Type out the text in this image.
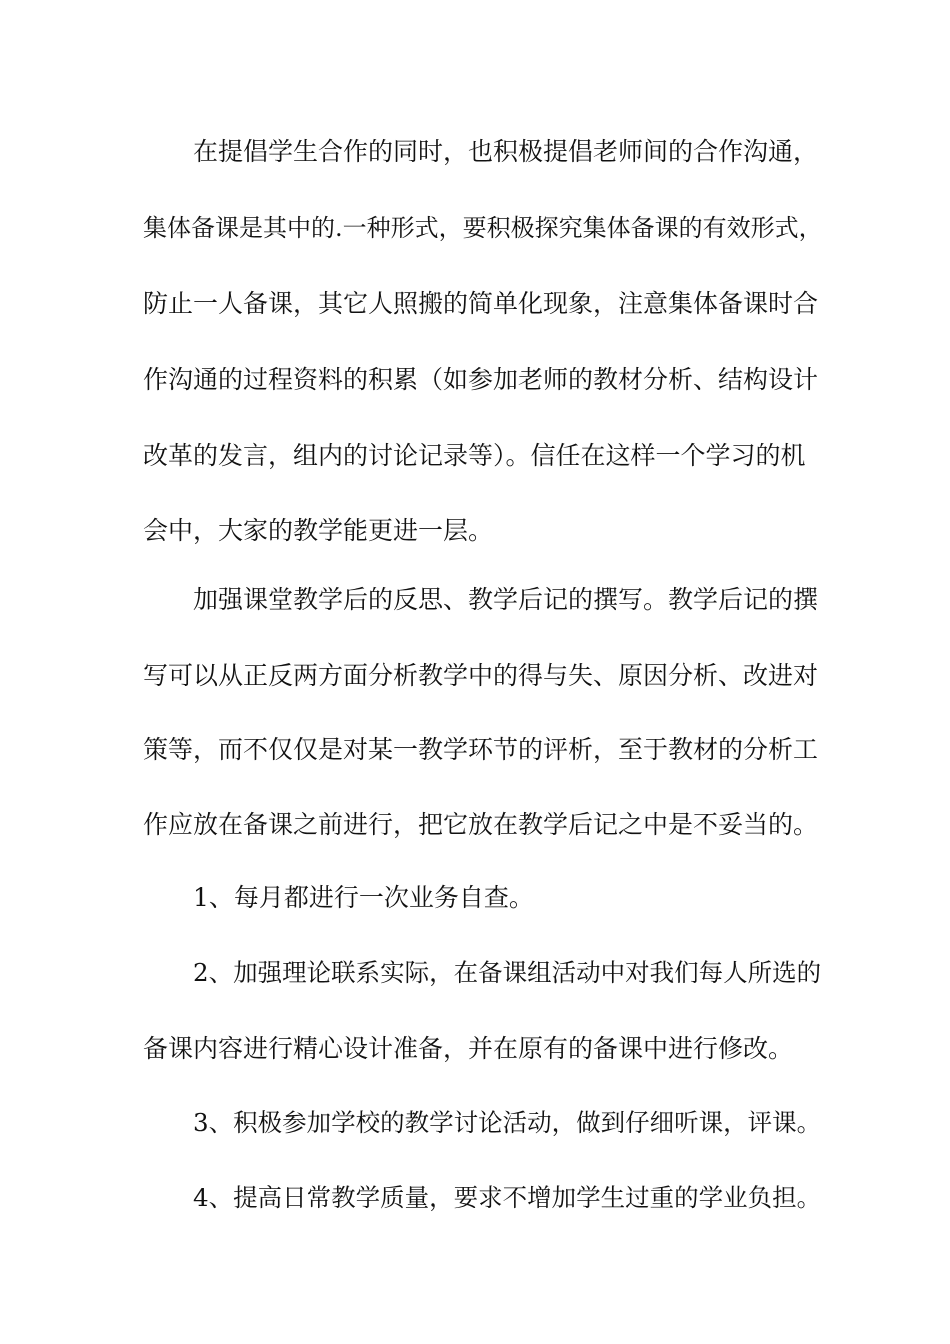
在提倡学生合作的同时，也积极提倡老师间的合作沟通，
集体备课是其中的.一种形式，要积极探究集体备课的有效形式，
防止一人备课，其它人照搬的简单化现象，注意集体备课时合
作沟通的过程资料的积累（如参加老师的教材分析、结构设计
改革的发言，组内的讨论记录等）。信任在这样一个学习的机
会中，大家的教学能更进一层。
加强课堂教学后的反思、教学后记的撰写。教学后记的撰
写可以从正反两方面分析教学中的得与失、原因分析、改进对
策等，而不仅仅是对某一教学环节的评析，至于教材的分析工
作应放在备课之前进行，把它放在教学后记之中是不妥当的。
1、每月都进行一次业务自查。
2、加强理论联系实际，在备课组活动中对我们每人所选的
备课内容进行精心设计准备，并在原有的备课中进行修改。
3、积极参加学校的教学讨论活动，做到仔细听课，评课。
4、提高日常教学质量，要求不增加学生过重的学业负担。
